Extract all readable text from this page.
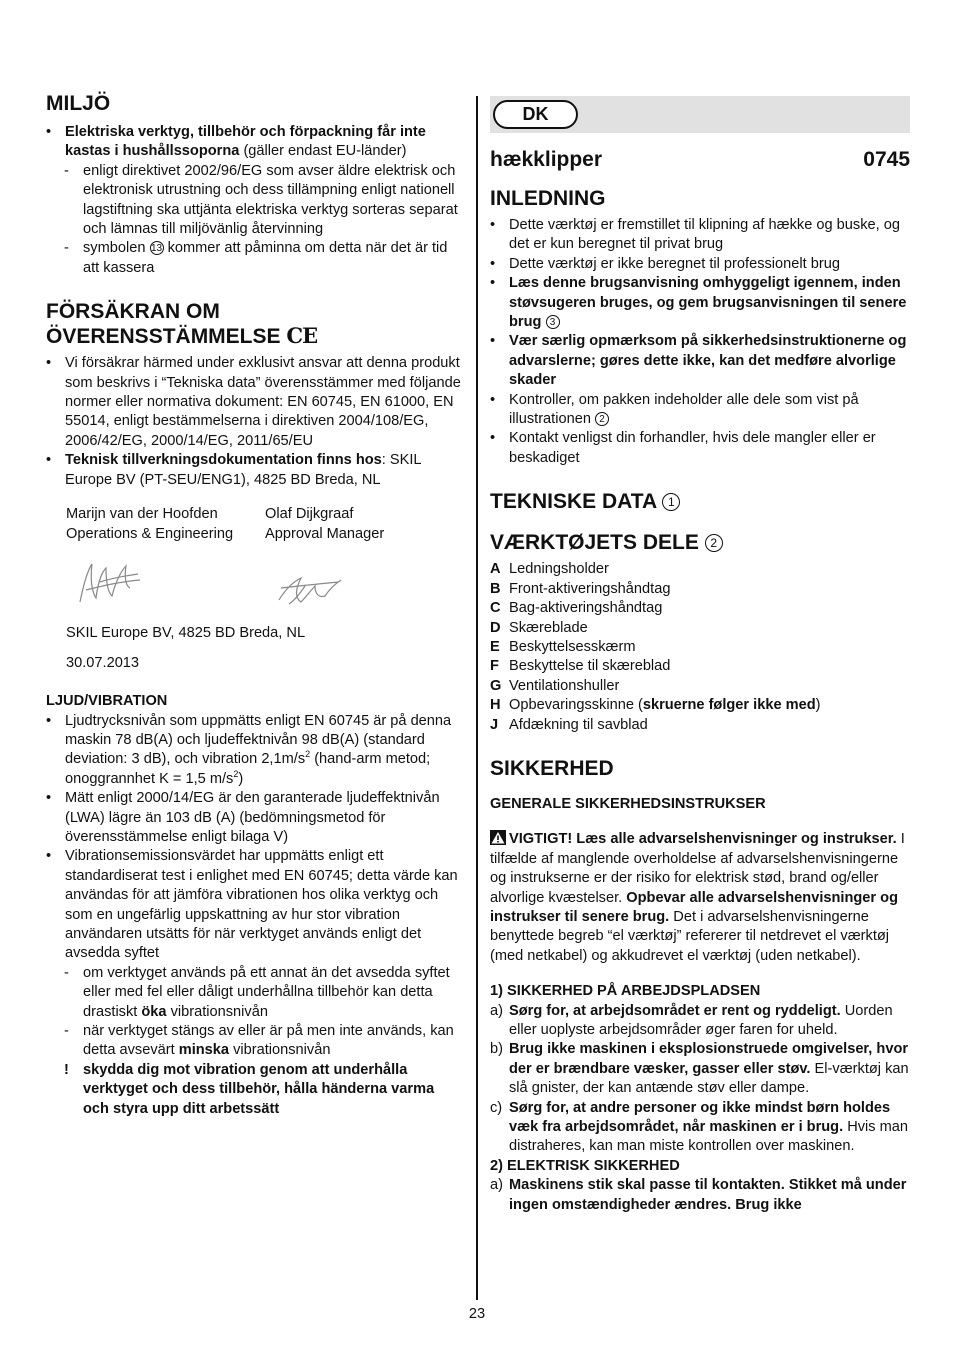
MILJÖ
• Elektriska verktyg, tillbehör och förpackning får inte kastas i hushållssoporna (gäller endast EU-länder)
- enligt direktivet 2002/96/EG som avser äldre elektrisk och elektronisk utrustning och dess tillämpning enligt nationell lagstiftning ska uttjänta elektriska verktyg sorteras separat och lämnas till miljövänlig återvinning
- symbolen 13 kommer att påminna om detta när det är tid att kassera
FÖRSÄKRAN OM
ÖVERENSSTÄMMELSE CE
• Vi försäkrar härmed under exklusivt ansvar att denna produkt som beskrivs i “Tekniska data” överensstämmer med följande normer eller normativa dokument: EN 60745, EN 61000, EN 55014, enligt bestämmelserna i direktiven 2004/108/EG, 2006/42/EG, 2000/14/EG, 2011/65/EU
• Teknisk tillverkningsdokumentation finns hos: SKIL Europe BV (PT-SEU/ENG1), 4825 BD Breda, NL
Marijn van der Hoofden
Operations & Engineering
Olaf Dijkgraaf
Approval Manager
SKIL Europe BV, 4825 BD Breda, NL
30.07.2013
LJUD/VIBRATION
• Ljudtrycksnivån som uppmätts enligt EN 60745 är på denna maskin 78 dB(A) och ljudeffektnivån 98 dB(A) (standard deviation: 3 dB), och vibration $2,1m/s^2$ (hand-arm metod; onoggrannhet K = 1,5 $m/s^2$)
• Mätt enligt 2000/14/EG är den garanterade ljudeffektnivån (LWA) lägre än 103 dB (A) (bedömningsmetod för överensstämmelse enligt bilaga V)
• Vibrationsemissionsvärdet har uppmätts enligt ett standardiserat test i enlighet med EN 60745; detta värde kan användas för att jämföra vibrationen hos olika verktyg och som en ungefärlig uppskattning av hur stor vibration användaren utsätts för när verktyget används enligt det avsedda syftet
- om verktyget används på ett annat än det avsedda syftet eller med fel eller dåligt underhållna tillbehör kan detta drastiskt öka vibrationsnivån
- när verktyget stängs av eller är på men inte används, kan detta avsevärt minska vibrationsnivån
! skydda dig mot vibration genom att underhålla verktyget och dess tillbehör, hålla händerna varma och styra upp ditt arbetssätt
DK
hækklipper	0745
INLEDNING
• Dette værktøj er fremstillet til klipning af hække og buske, og det er kun beregnet til privat brug
• Dette værktøj er ikke beregnet til professionelt brug
• Læs denne brugsanvisning omhyggeligt igennem, inden støvsugeren bruges, og gem brugsanvisningen til senere brug 3
• Vær særlig opmærksom på sikkerhedsinstruktionerne og advarslerne; gøres dette ikke, kan det medføre alvorlige skader
• Kontroller, om pakken indeholder alle dele som vist på illustrationen 2
• Kontakt venligst din forhandler, hvis dele mangler eller er beskadiget
TEKNISKE DATA 1
VÆRKTØJETS DELE 2
A Ledningsholder
B Front-aktiveringshåndtag
C Bag-aktiveringshåndtag
D Skæreblade
E Beskyttelsesskærm
F Beskyttelse til skæreblad
G Ventilationshuller
H Opbevaringsskinne (skruerne følger ikke med)
J Afdækning til savblad
SIKKERHED
GENERALE SIKKERHEDSINSTRUKSER
VIGTIGT! Læs alle advarselshenvisninger og instrukser. I tilfælde af manglende overholdelse af advarselshenvisningerne og instrukserne er der risiko for elektrisk stød, brand og/eller alvorlige kvæstelser. Opbevar alle advarselshenvisninger og instrukser til senere brug. Det i advarselshenvisningerne benyttede begreb “el værktøj” refererer til netdrevet el værktøj (med netkabel) og akkudrevet el værktøj (uden netkabel).
1) SIKKERHED PÅ ARBEJDSPLADSEN
a) Sørg for, at arbejdsområdet er rent og ryddeligt. Uorden eller uoplyste arbejdsområder øger faren for uheld.
b) Brug ikke maskinen i eksplosionstruede omgivelser, hvor der er brændbare væsker, gasser eller støv. El-værktøj kan slå gnister, der kan antænde støv eller dampe.
c) Sørg for, at andre personer og ikke mindst børn holdes væk fra arbejdsområdet, når maskinen er i brug. Hvis man distraheres, kan man miste kontrollen over maskinen.
2) ELEKTRISK SIKKERHED
a) Maskinens stik skal passe til kontakten. Stikket må under ingen omstændigheder ændres. Brug ikke
23
